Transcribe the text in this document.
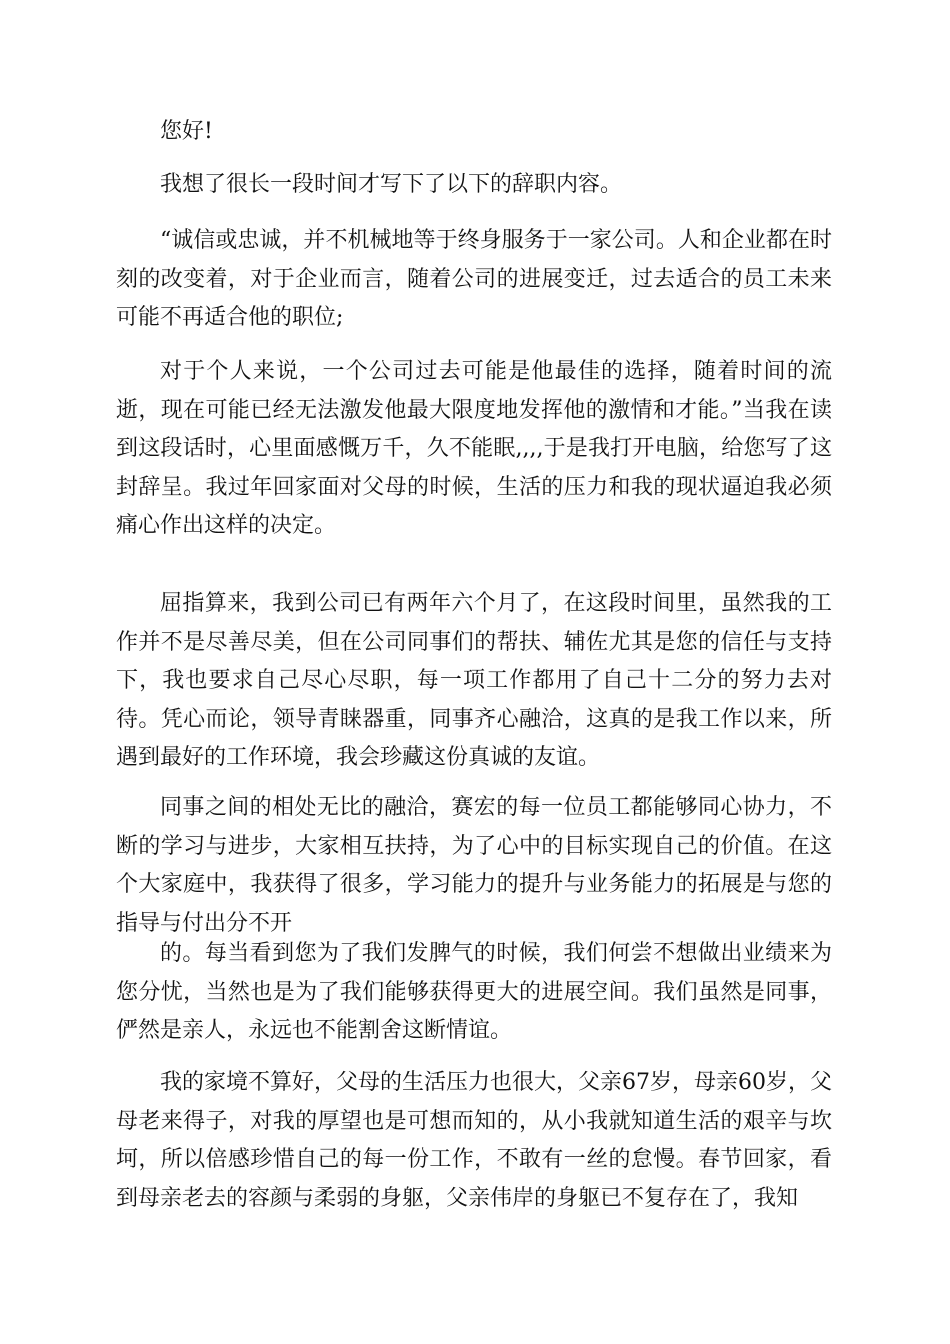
您好!

我想了很长一段时间才写下了以下的辞职内容。

“诚信或忠诚，并不机械地等于终身服务于一家公司。人和企业都在时刻的改变着，对于企业而言，随着公司的进展变迁，过去适合的员工未来可能不再适合他的职位;

对于个人来说，一个公司过去可能是他最佳的选择，随着时间的流逝，现在可能已经无法激发他最大限度地发挥他的激情和才能。”当我在读到这段话时，心里面感慨万千，久不能眠,,,,于是我打开电脑，给您写了这封辞呈。我过年回家面对父母的时候，生活的压力和我的现状逼迫我必须痛心作出这样的决定。

屈指算来，我到公司已有两年六个月了，在这段时间里，虽然我的工作并不是尽善尽美，但在公司同事们的帮扶、辅佐尤其是您的信任与支持下，我也要求自己尽心尽职，每一项工作都用了自己十二分的努力去对待。凭心而论，领导青睐器重，同事齐心融洽，这真的是我工作以来，所遇到最好的工作环境，我会珍藏这份真诚的友谊。

同事之间的相处无比的融洽，赛宏的每一位员工都能够同心协力，不断的学习与进步，大家相互扶持，为了心中的目标实现自己的价值。在这个大家庭中，我获得了很多，学习能力的提升与业务能力的拓展是与您的指导与付出分不开

的。每当看到您为了我们发脾气的时候，我们何尝不想做出业绩来为您分忧，当然也是为了我们能够获得更大的进展空间。我们虽然是同事，俨然是亲人，永远也不能割舍这断情谊。

我的家境不算好，父母的生活压力也很大，父亲67岁，母亲60岁，父母老来得子，对我的厚望也是可想而知的，从小我就知道生活的艰辛与坎坷，所以倍感珍惜自己的每一份工作，不敢有一丝的怠慢。春节回家，看到母亲老去的容颜与柔弱的身躯，父亲伟岸的身躯已不复存在了，我知
